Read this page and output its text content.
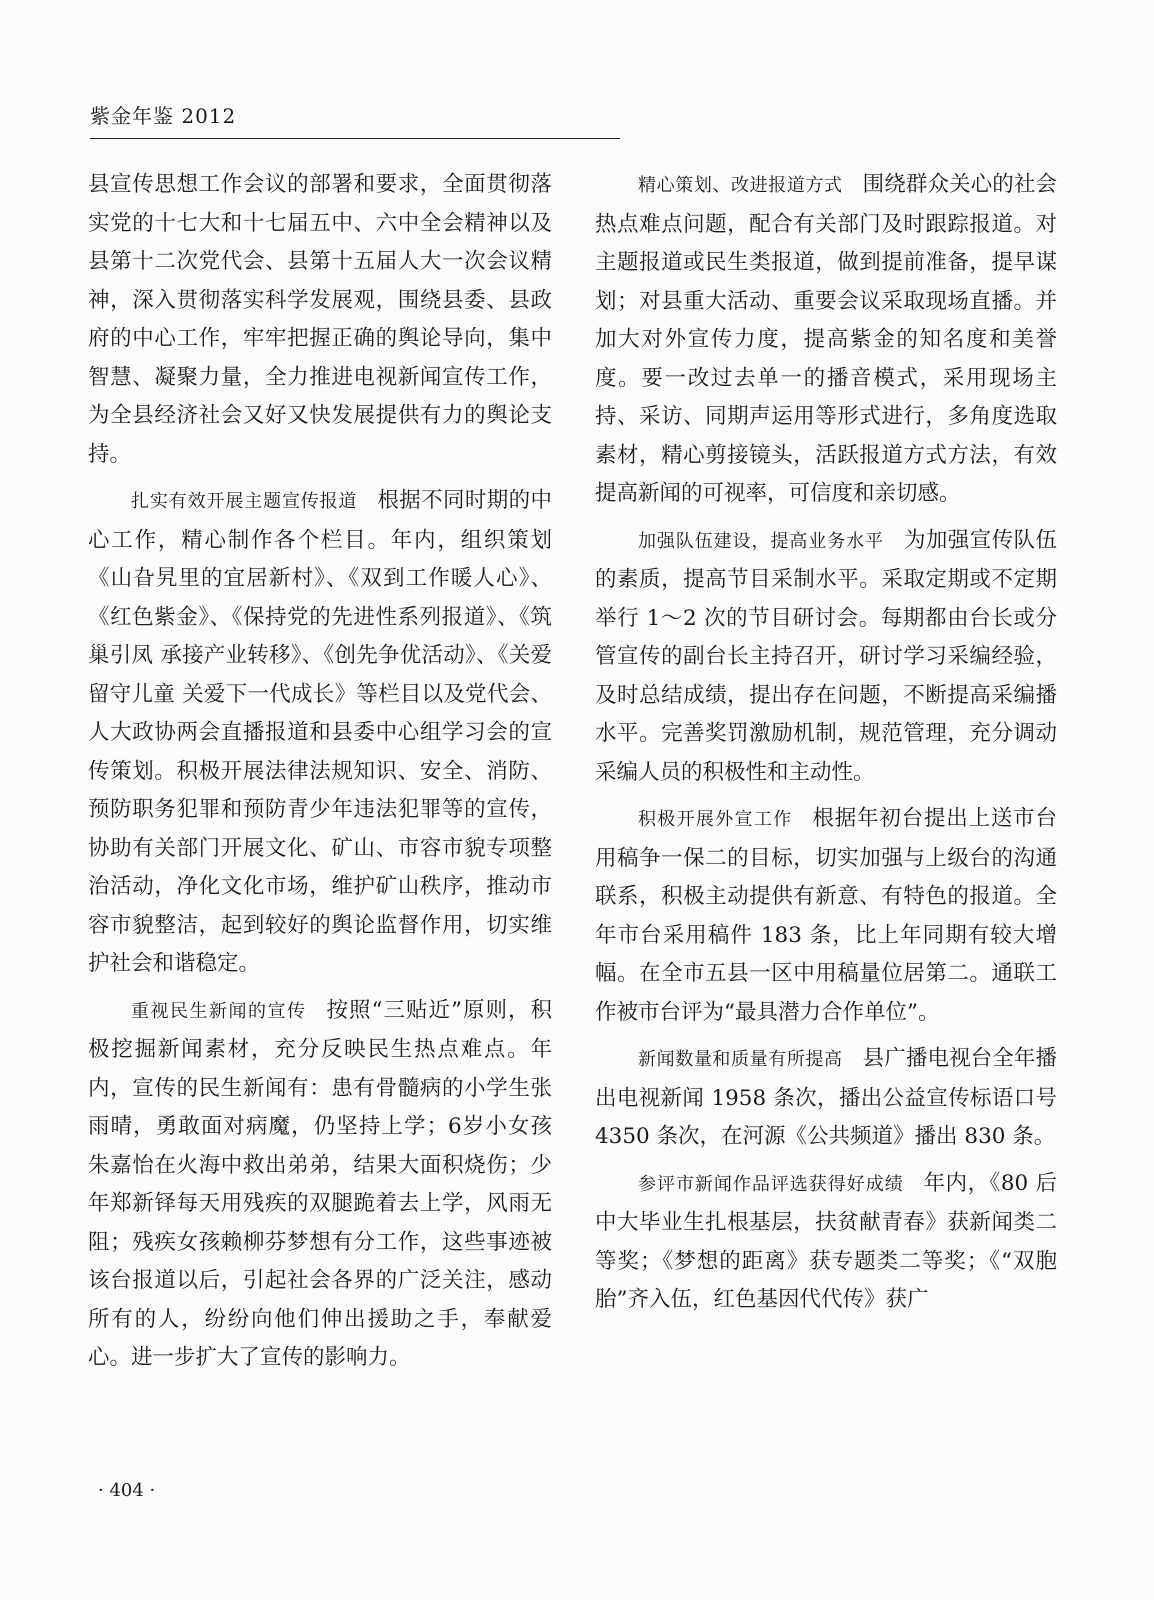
紫金年鉴 2012

县宣传思想工作会议的部署和要求，全面贯彻落实党的十七大和十七届五中、六中全会精神以及县第十二次党代会、县第十五届人大一次会议精神，深入贯彻落实科学发展观，围绕县委、县政府的中心工作，牢牢把握正确的舆论导向，集中智慧、凝聚力量，全力推进电视新闻宣传工作，为全县经济社会又好又快发展提供有力的舆论支持。

扎实有效开展主题宣传报道 根据不同时期的中心工作，精心制作各个栏目。年内，组织策划《山旮旯里的宜居新村》、《双到工作暖人心》、《红色紫金》、《保持党的先进性系列报道》、《筑巢引凤 承接产业转移》、《创先争优活动》、《关爱留守儿童 关爱下一代成长》等栏目以及党代会、人大政协两会直播报道和县委中心组学习会的宣传策划。积极开展法律法规知识、安全、消防、预防职务犯罪和预防青少年违法犯罪等的宣传，协助有关部门开展文化、矿山、市容市貌专项整治活动，净化文化市场，维护矿山秩序，推动市容市貌整洁，起到较好的舆论监督作用，切实维护社会和谐稳定。

重视民生新闻的宣传 按照“三贴近”原则，积极挖掘新闻素材，充分反映民生热点难点。年内，宣传的民生新闻有：患有骨髓病的小学生张雨晴，勇敢面对病魔，仍坚持上学；6岁小女孩朱嘉怡在火海中救出弟弟，结果大面积烧伤；少年郑新铎每天用残疾的双腿跪着去上学，风雨无阻；残疾女孩赖柳芬梦想有分工作，这些事迹被该台报道以后，引起社会各界的广泛关注，感动所有的人，纷纷向他们伸出援助之手，奉献爱心。进一步扩大了宣传的影响力。

精心策划、改进报道方式 围绕群众关心的社会热点难点问题，配合有关部门及时跟踪报道。对主题报道或民生类报道，做到提前准备，提早谋划；对县重大活动、重要会议采取现场直播。并加大对外宣传力度，提高紫金的知名度和美誉度。要一改过去单一的播音模式，采用现场主持、采访、同期声运用等形式进行，多角度选取素材，精心剪接镜头，活跃报道方式方法，有效提高新闻的可视率，可信度和亲切感。

加强队伍建设，提高业务水平 为加强宣传队伍的素质，提高节目采制水平。采取定期或不定期举行 1～2 次的节目研讨会。每期都由台长或分管宣传的副台长主持召开，研讨学习采编经验，及时总结成绩，提出存在问题，不断提高采编播水平。完善奖罚激励机制，规范管理，充分调动采编人员的积极性和主动性。

积极开展外宣工作 根据年初台提出上送市台用稿争一保二的目标，切实加强与上级台的沟通联系，积极主动提供有新意、有特色的报道。全年市台采用稿件 183 条，比上年同期有较大增幅。在全市五县一区中用稿量位居第二。通联工作被市台评为“最具潜力合作单位”。

新闻数量和质量有所提高 县广播电视台全年播出电视新闻 1958 条次，播出公益宣传标语口号 4350 条次，在河源《公共频道》播出 830 条。

参评市新闻作品评选获得好成绩 年内，《80 后中大毕业生扎根基层，扶贫献青春》获新闻类二等奖；《梦想的距离》获专题类二等奖；《“双胞胎”齐入伍，红色基因代代传》获广

· 404 ·
